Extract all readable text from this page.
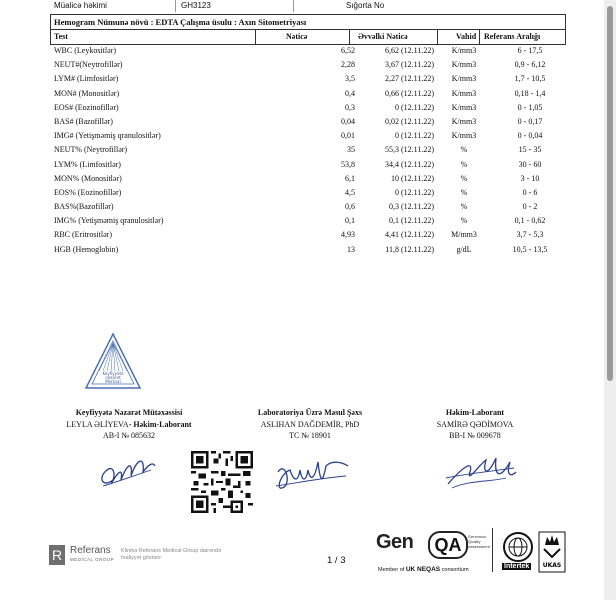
Müalicə həkimi	GH3123	Sığorta No
Hemogram Nümunə növü : EDTA Çalışma üsulu : Axın Sitometriyası
Test	Nəticə	Əvvəlki Nəticə	Vahid Referans Aralığı
WBC (Leykositlər)	6,52	6,62 (12.11.22)	K/mm3	6 - 17,5
NEUT#(Neytrofillər)	2,28	3,67 (12.11.22)	K/mm3	0,9 - 6,12
LYM# (Limfositlər)	3,5	2,27 (12.11.22)	K/mm3	1,7 - 10,5
MON# (Monositlər)	0,4	0,66 (12.11.22)	K/mm3	0,18 - 1,4
EOS# (Eozinofillər)	0,3	0 (12.11.22)	K/mm3	0 - 1,05
BAS# (Bazofillər)	0,04	0,02 (12.11.22)	K/mm3	0 - 0,17
IMG# (Yetişməmiş qranulositlər)	0,01	0 (12.11.22)	K/mm3	0 - 0,04
NEUT% (Neytrofillər)	35	55,3 (12.11.22)	%	15 - 35
LYM% (Limfositlər)	53,8	34,4 (12.11.22)	%	30 - 60
MON% (Monositlər)	6,1	10 (12.11.22)	%	3 - 10
EOS% (Eozinofillər)	4,5	0 (12.11.22)	%	0 - 6
BAS%(Bazofillər)	0,6	0,3 (12.11.22)	%	0 - 2
IMG% (Yetişməmiş qranulositlər)	0,1	0,1 (12.11.22)	%	0,1 - 0,62
RBC (Eritrositlər)	4,93	4,41 (12.11.22)	M/mm3	3,7 - 5,3
HGB (Hemoglobin)	13	11,8 (12.11.22)	g/dL	10,5 - 13,5
Keyfiyyətə
nəzarət
Mərkəzi
Keyfiyyətə Nəzarət Mütəxəssisi
LEYLA ƏLİYEVA- Həkim-Laborant
AB-I № 085632
Laboratoriya Üzrə Məsul Şəxs
ASLIHAN DAĞDEMİR, PhD
TC № 18901
Həkim-Laborant
SAMİRƏ QƏDİMOVA
BB-I № 009678
R Referans
MEDİCAL GROUP
Klinika Referans Medical Group dairəndə fəaliyyət göstərir	1 / 3
Gen	QA	Genomics Quality Assessment
Member of UK NEQAS consortium	Intertek	UKAS
